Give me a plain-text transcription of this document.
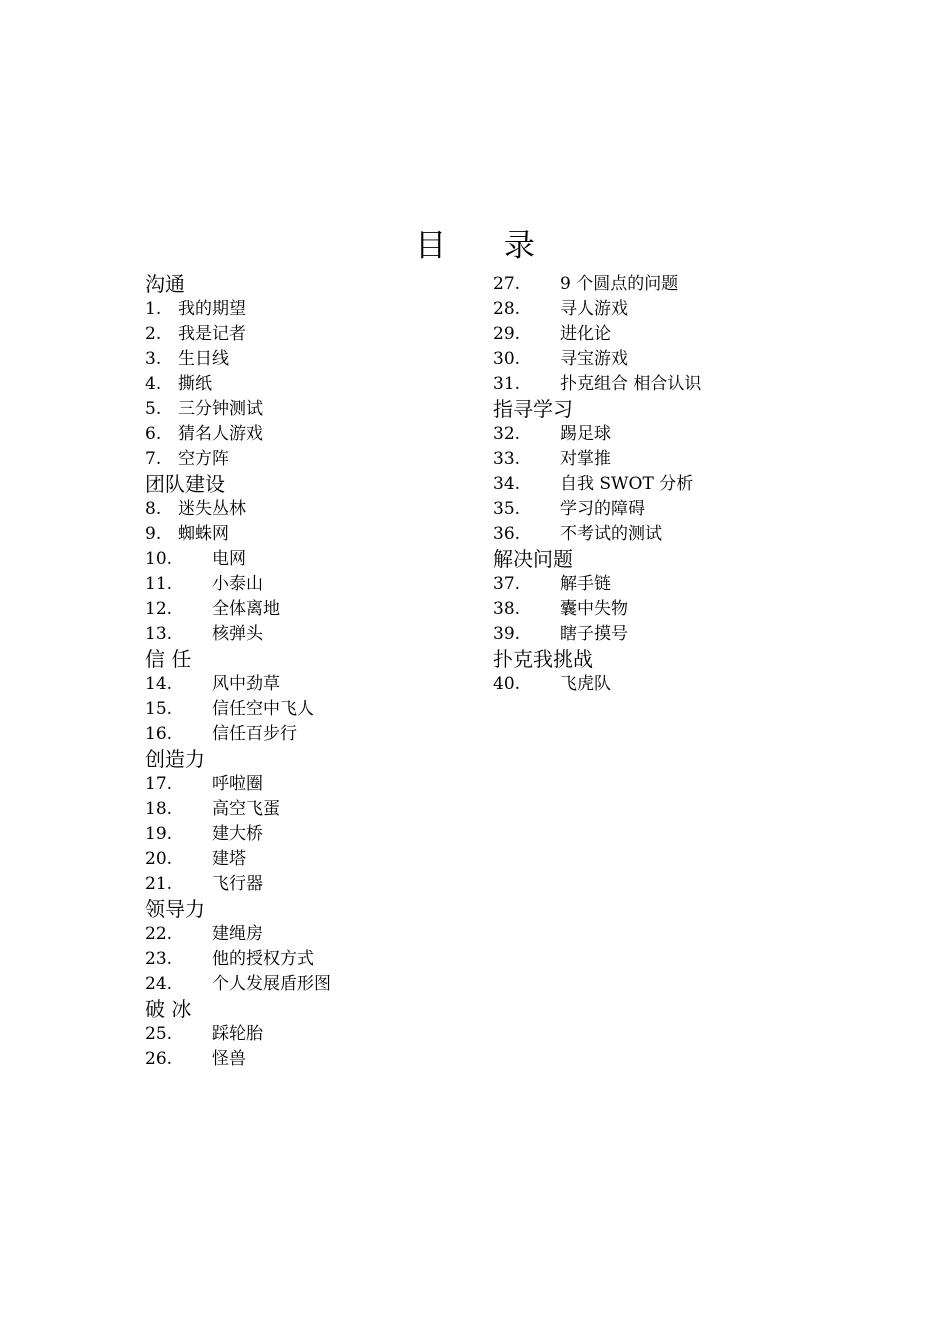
目 录
沟通
1. 我的期望
2. 我是记者
3. 生日线
4. 撕纸
5. 三分钟测试
6. 猜名人游戏
7. 空方阵
团队建设
8. 迷失丛林
9. 蜘蛛网
10. 电网
11. 小泰山
12. 全体离地
13. 核弹头
信 任
14. 风中劲草
15. 信任空中飞人
16. 信任百步行
创造力
17. 呼啦圈
18. 高空飞蛋
19. 建大桥
20. 建塔
21. 飞行器
领导力
22. 建绳房
23. 他的授权方式
24. 个人发展盾形图
破 冰
25. 踩轮胎
26. 怪兽
27. 9 个圆点的问题
28. 寻人游戏
29. 进化论
30. 寻宝游戏
31. 扑克组合 相合认识
指寻学习
32. 踢足球
33. 对掌推
34. 自我 SWOT 分析
35. 学习的障碍
36. 不考试的测试
解决问题
37. 解手链
38. 囊中失物
39. 瞎子摸号
扑克我挑战
40. 飞虎队
